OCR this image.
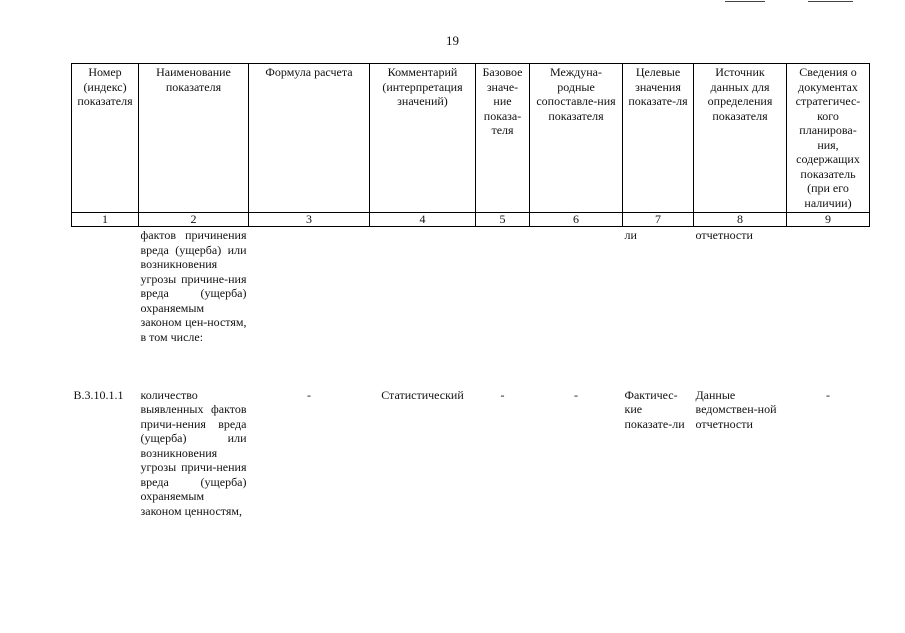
19
Номер (индекс) показателя	Наименование показателя	Формула расчета	Комментарий (интерпретация значений)	Базовое значе-ние показа-теля	Междуна-родные сопоставле-ния показателя	Целевые значения показате-ля	Источник данных для определения показателя	Сведения о документах стратегичес-кого планирова-ния, содержащих показатель (при его наличии)
1	2	3	4	5	6	7	8	9
	фактов причинения вреда (ущерба) или возникновения угрозы причине-ния вреда (ущерба) охраняемым законом цен-ностям, в том числе:					ли	отчетности	
В.3.10.1.1	количество выявленных фактов причи-нения вреда (ущерба) или возникновения угрозы причи-нения вреда (ущерба) охраняемым законом ценностям,	-	Статистический	-	-	Фактичес-кие показате-ли	Данные ведомствен-ной отчетности	-
